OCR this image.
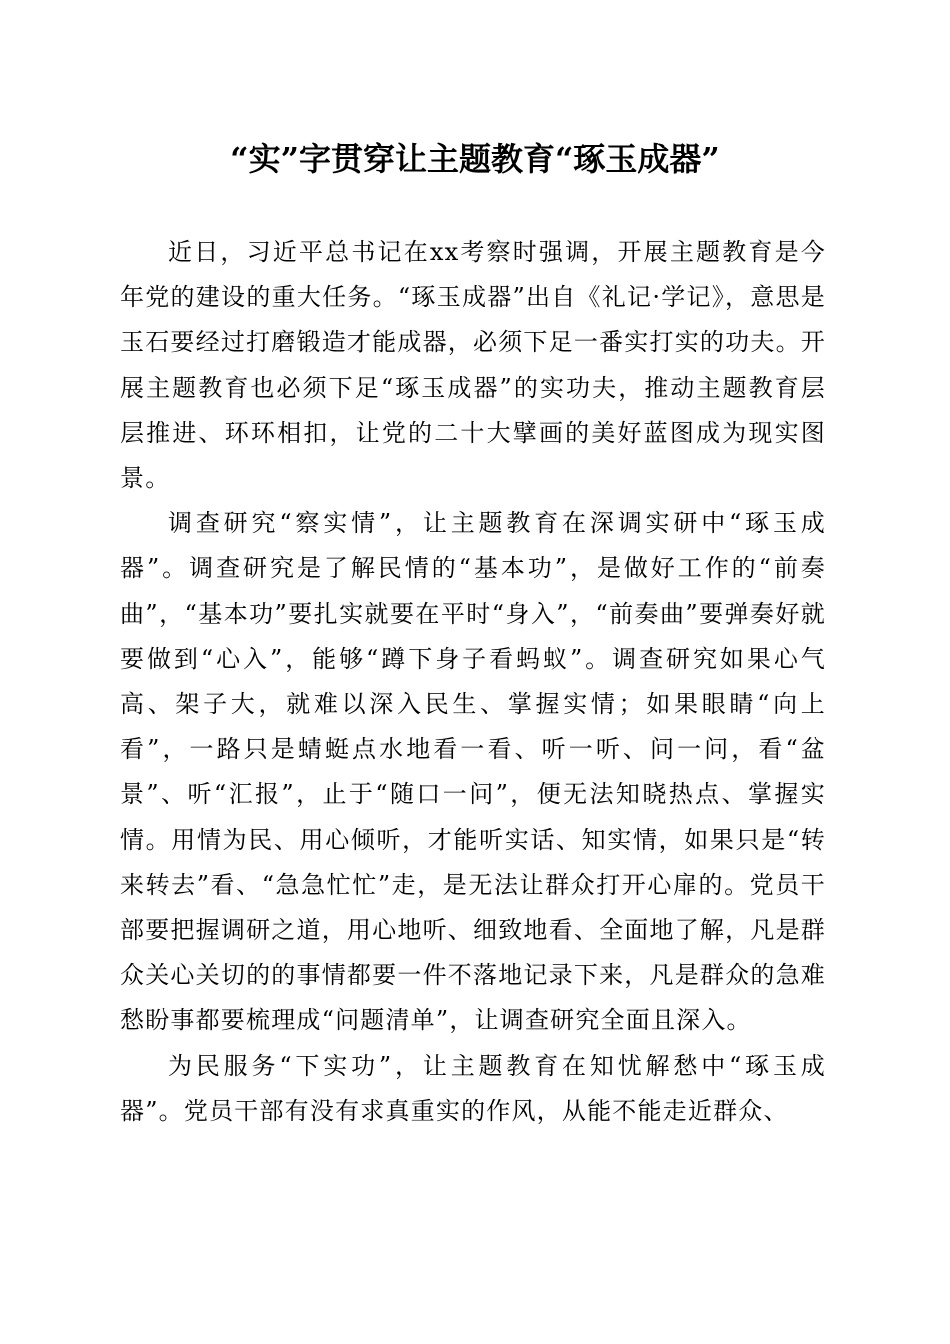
“实”字贯穿让主题教育“琢玉成器”

近日，习近平总书记在xx考察时强调，开展主题教育是今年党的建设的重大任务。“琢玉成器”出自《礼记·学记》，意思是玉石要经过打磨锻造才能成器，必须下足一番实打实的功夫。开展主题教育也必须下足“琢玉成器”的实功夫，推动主题教育层层推进、环环相扣，让党的二十大擘画的美好蓝图成为现实图景。

调查研究“察实情”，让主题教育在深调实研中“琢玉成器”。调查研究是了解民情的“基本功”，是做好工作的“前奏曲”，“基本功”要扎实就要在平时“身入”，“前奏曲”要弹奏好就要做到“心入”，能够“蹲下身子看蚂蚁”。调查研究如果心气高、架子大，就难以深入民生、掌握实情；如果眼睛“向上看”，一路只是蜻蜓点水地看一看、听一听、问一问，看“盆景”、听“汇报”，止于“随口一问”，便无法知晓热点、掌握实情。用情为民、用心倾听，才能听实话、知实情，如果只是“转来转去”看、“急急忙忙”走，是无法让群众打开心扉的。党员干部要把握调研之道，用心地听、细致地看、全面地了解，凡是群众关心关切的的事情都要一件不落地记录下来，凡是群众的急难愁盼事都要梳理成“问题清单”，让调查研究全面且深入。

为民服务“下实功”，让主题教育在知忧解愁中“琢玉成器”。党员干部有没有求真重实的作风，从能不能走近群众、
